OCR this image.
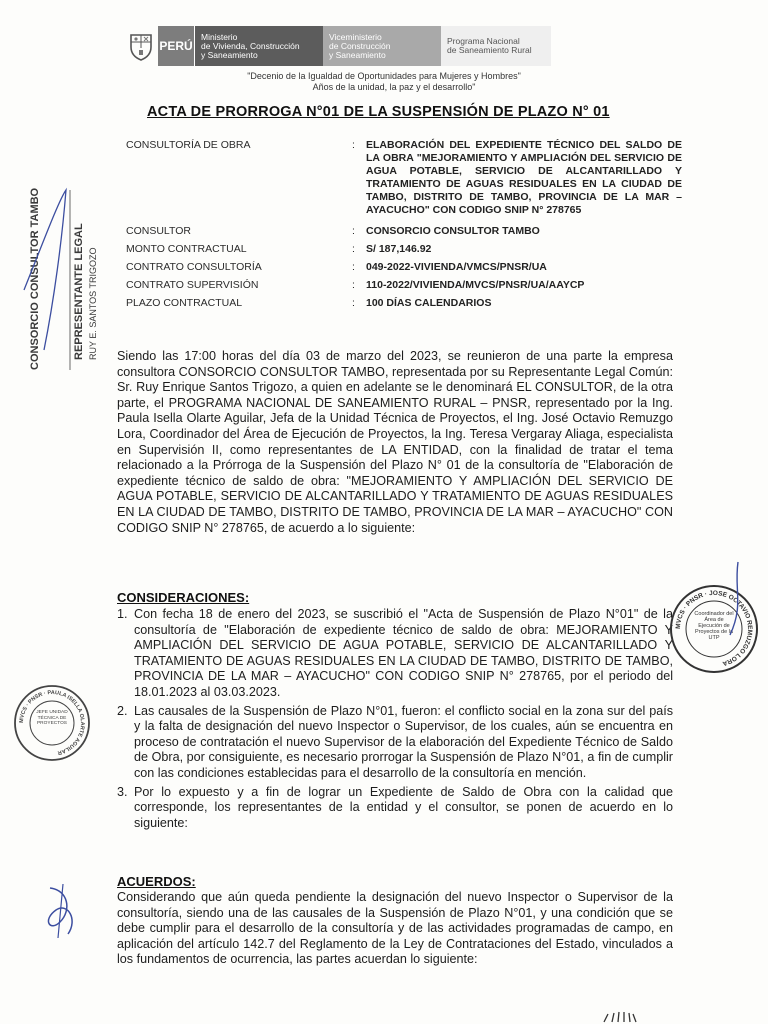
PERÚ
Ministerio
de Vivienda, Construcción
y Saneamiento
Viceministerio
de Construcción
y Saneamiento
Programa Nacional
de Saneamiento Rural
"Decenio de la Igualdad de Oportunidades para Mujeres y Hombres"
Años de la unidad, la paz y el desarrollo"
ACTA DE PRORROGA N°01 DE LA SUSPENSIÓN DE PLAZO N° 01
CONSULTORÍA DE OBRA	:	ELABORACIÓN DEL EXPEDIENTE TÉCNICO DEL SALDO DE LA OBRA "MEJORAMIENTO Y AMPLIACIÓN DEL SERVICIO DE AGUA POTABLE, SERVICIO DE ALCANTARILLADO Y TRATAMIENTO DE AGUAS RESIDUALES EN LA CIUDAD DE TAMBO, DISTRITO DE TAMBO, PROVINCIA DE LA MAR – AYACUCHO" CON CODIGO SNIP N° 278765
CONSULTOR	:	CONSORCIO CONSULTOR TAMBO
MONTO CONTRACTUAL	:	S/ 187,146.92
CONTRATO CONSULTORÍA	:	049-2022-VIVIENDA/VMCS/PNSR/UA
CONTRATO SUPERVISIÓN	:	110-2022/VIVIENDA/MVCS/PNSR/UA/AAYCP
PLAZO CONTRACTUAL	:	100 DÍAS CALENDARIOS
Siendo las 17:00 horas del día 03 de marzo del 2023, se reunieron de una parte la empresa consultora CONSORCIO CONSULTOR TAMBO, representada por su Representante Legal Común: Sr. Ruy Enrique Santos Trigozo, a quien en adelante se le denominará EL CONSULTOR, de la otra parte, el PROGRAMA NACIONAL DE SANEAMIENTO RURAL – PNSR, representado por la Ing. Paula Isella Olarte Aguilar, Jefa de la Unidad Técnica de Proyectos, el Ing. José Octavio Remuzgo Lora, Coordinador del Área de Ejecución de Proyectos, la Ing. Teresa Vergaray Aliaga, especialista en Supervisión II, como representantes de LA ENTIDAD, con la finalidad de tratar el tema relacionado a la Prórroga de la Suspensión del Plazo N° 01 de la consultoría de "Elaboración de expediente técnico de saldo de obra: "MEJORAMIENTO Y AMPLIACIÓN DEL SERVICIO DE AGUA POTABLE, SERVICIO DE ALCANTARILLADO Y TRATAMIENTO DE AGUAS RESIDUALES EN LA CIUDAD DE TAMBO, DISTRITO DE TAMBO, PROVINCIA DE LA MAR – AYACUCHO" CON CODIGO SNIP N° 278765, de acuerdo a lo siguiente:
CONSIDERACIONES:
1. Con fecha 18 de enero del 2023, se suscribió el "Acta de Suspensión de Plazo N°01" de la consultoría de "Elaboración de expediente técnico de saldo de obra: MEJORAMIENTO Y AMPLIACIÓN DEL SERVICIO DE AGUA POTABLE, SERVICIO DE ALCANTARILLADO Y TRATAMIENTO DE AGUAS RESIDUALES EN LA CIUDAD DE TAMBO, DISTRITO DE TAMBO, PROVINCIA DE LA MAR – AYACUCHO" CON CODIGO SNIP N° 278765, por el periodo del 18.01.2023 al 03.03.2023.
2. Las causales de la Suspensión de Plazo N°01, fueron: el conflicto social en la zona sur del país y la falta de designación del nuevo Inspector o Supervisor, de los cuales, aún se encuentra en proceso de contratación el nuevo Supervisor de la elaboración del Expediente Técnico de Saldo de Obra, por consiguiente, es necesario prorrogar la Suspensión de Plazo N°01, a fin de cumplir con las condiciones establecidas para el desarrollo de la consultoría en mención.
3. Por lo expuesto y a fin de lograr un Expediente de Saldo de Obra con la calidad que corresponde, los representantes de la entidad y el consultor, se ponen de acuerdo en lo siguiente:
ACUERDOS:
Considerando que aún queda pendiente la designación del nuevo Inspector o Supervisor de la consultoría, siendo una de las causales de la Suspensión de Plazo N°01, y una condición que se debe cumplir para el desarrollo de la consultoría y de las actividades programadas de campo, en aplicación del artículo 142.7 del Reglamento de la Ley de Contrataciones del Estado, vinculados a los fundamentos de ocurrencia, las partes acuerdan lo siguiente:
CONSORCIO CONSULTOR TAMBO	REPRESENTANTE LEGAL RUY E. SANTOS TRIGOZO
MVCS · PNSR · JOSE OCTAVIO REMUZGO LORA
Coordinador del Área de Ejecución de Proyectos de la UTP
MVCS · PNSR · PAULA ISELLA OLARTE AGUILAR
JEFE UNIDAD TÉCNICA DE PROYECTOS
